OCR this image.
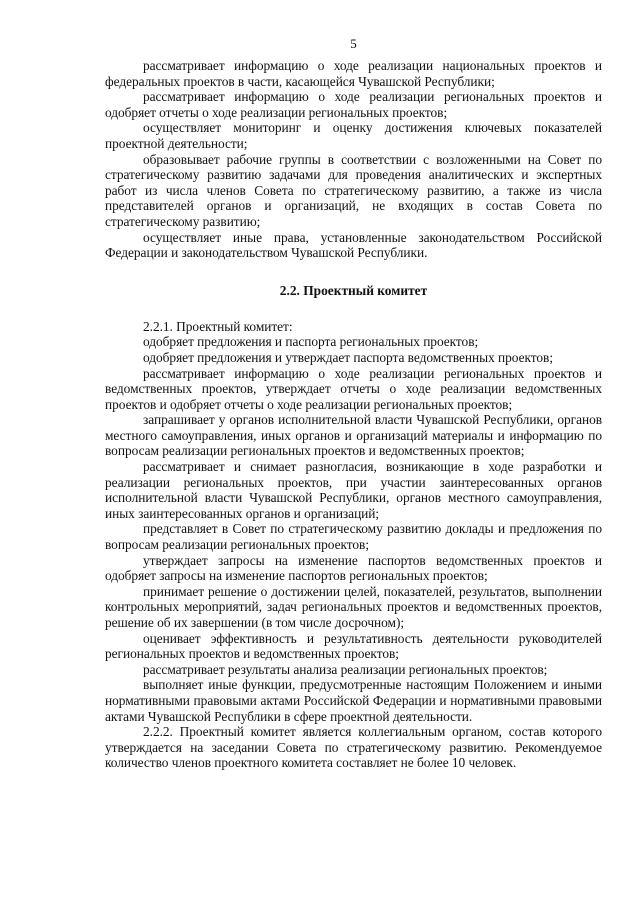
5

рассматривает информацию о ходе реализации национальных проектов и федеральных проектов в части, касающейся Чувашской Республики;

рассматривает информацию о ходе реализации региональных проектов и одобряет отчеты о ходе реализации региональных проектов;

осуществляет мониторинг и оценку достижения ключевых показателей проектной деятельности;

образовывает рабочие группы в соответствии с возложенными на Совет по стратегическому развитию задачами для проведения аналитических и экспертных работ из числа членов Совета по стратегическому развитию, а также из числа представителей органов и организаций, не входящих в состав Совета по стратегическому развитию;

осуществляет иные права, установленные законодательством Российской Федерации и законодательством Чувашской Республики.

2.2. Проектный комитет

2.2.1. Проектный комитет:

одобряет предложения и паспорта региональных проектов;

одобряет предложения и утверждает паспорта ведомственных проектов;

рассматривает информацию о ходе реализации региональных проектов и ведомственных проектов, утверждает отчеты о ходе реализации ведомственных проектов и одобряет отчеты о ходе реализации региональных проектов;

запрашивает у органов исполнительной власти Чувашской Республики, органов местного самоуправления, иных органов и организаций материалы и информацию по вопросам реализации региональных проектов и ведомственных проектов;

рассматривает и снимает разногласия, возникающие в ходе разработки и реализации региональных проектов, при участии заинтересованных органов исполнительной власти Чувашской Республики, органов местного самоуправления, иных заинтересованных органов и организаций;

представляет в Совет по стратегическому развитию доклады и предложения по вопросам реализации региональных проектов;

утверждает запросы на изменение паспортов ведомственных проектов и одобряет запросы на изменение паспортов региональных проектов;

принимает решение о достижении целей, показателей, результатов, выполнении контрольных мероприятий, задач региональных проектов и ведомственных проектов, решение об их завершении (в том числе досрочном);

оценивает эффективность и результативность деятельности руководителей региональных проектов и ведомственных проектов;

рассматривает результаты анализа реализации региональных проектов;

выполняет иные функции, предусмотренные настоящим Положением и иными нормативными правовыми актами Российской Федерации и нормативными правовыми актами Чувашской Республики в сфере проектной деятельности.

2.2.2. Проектный комитет является коллегиальным органом, состав которого утверждается на заседании Совета по стратегическому развитию. Рекомендуемое количество членов проектного комитета составляет не более 10 человек.
